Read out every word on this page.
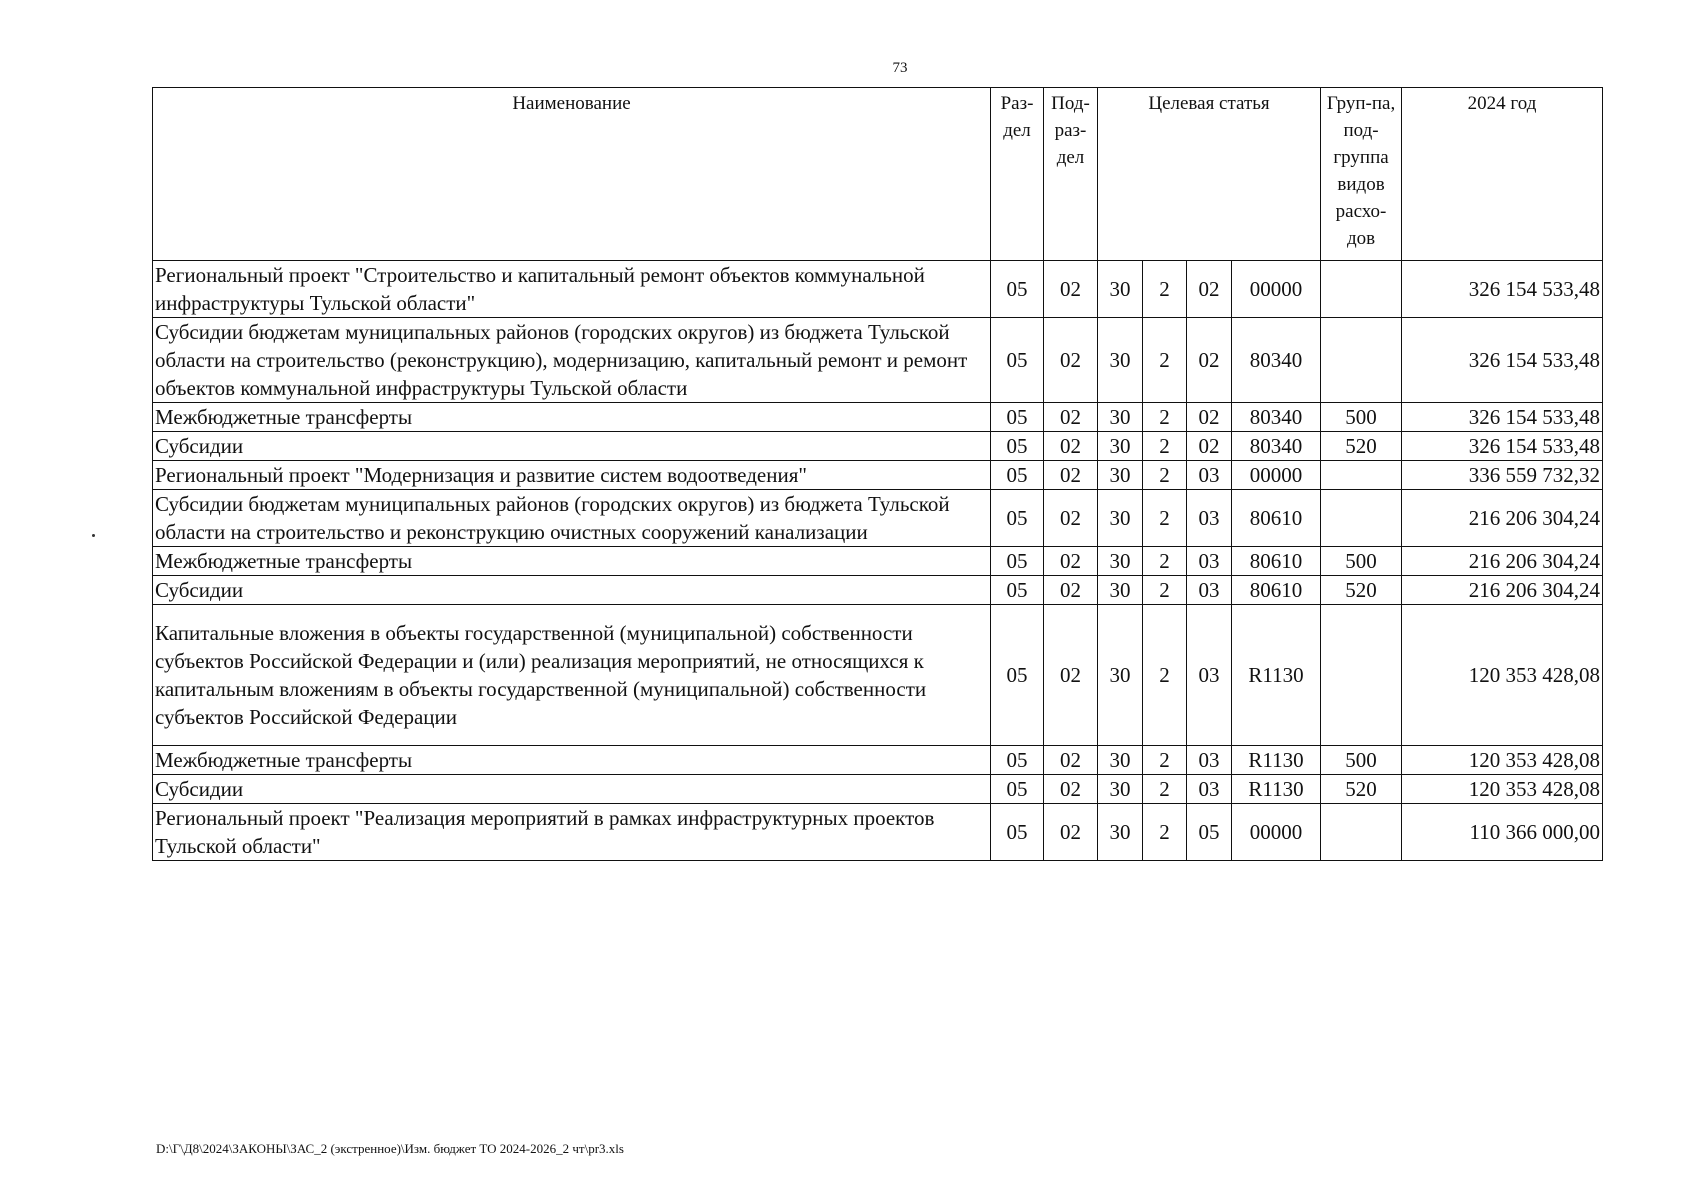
73
Наименование	Раз-дел	Под-раз-дел	Целевая статья				Груп-па, под-группа видов расхо-дов	2024 год
Региональный проект "Строительство и капитальный ремонт объектов коммунальной инфраструктуры Тульской области"	05	02	30	2	02	00000		326 154 533,48
Субсидии бюджетам муниципальных районов (городских округов) из бюджета Тульской области на строительство (реконструкцию), модернизацию, капитальный ремонт и ремонт объектов коммунальной инфраструктуры Тульской области	05	02	30	2	02	80340		326 154 533,48
Межбюджетные трансферты	05	02	30	2	02	80340	500	326 154 533,48
Субсидии	05	02	30	2	02	80340	520	326 154 533,48
Региональный проект "Модернизация и развитие систем водоотведения"	05	02	30	2	03	00000		336 559 732,32
Субсидии бюджетам муниципальных районов (городских округов) из бюджета Тульской области на строительство и реконструкцию очистных сооружений канализации	05	02	30	2	03	80610		216 206 304,24
Межбюджетные трансферты	05	02	30	2	03	80610	500	216 206 304,24
Субсидии	05	02	30	2	03	80610	520	216 206 304,24
Капитальные вложения в объекты государственной (муниципальной) собственности субъектов Российской Федерации и (или) реализация мероприятий, не относящихся к капитальным вложениям в объекты государственной (муниципальной) собственности субъектов Российской Федерации	05	02	30	2	03	R1130		120 353 428,08
Межбюджетные трансферты	05	02	30	2	03	R1130	500	120 353 428,08
Субсидии	05	02	30	2	03	R1130	520	120 353 428,08
Региональный проект "Реализация мероприятий в рамках инфраструктурных проектов Тульской области"	05	02	30	2	05	00000		110 366 000,00
D:\Г\Д8\2024\ЗАКОНЫ\ЗАС_2 (экстренное)\Изм. бюджет ТО 2024-2026_2 чт\pr3.xls
